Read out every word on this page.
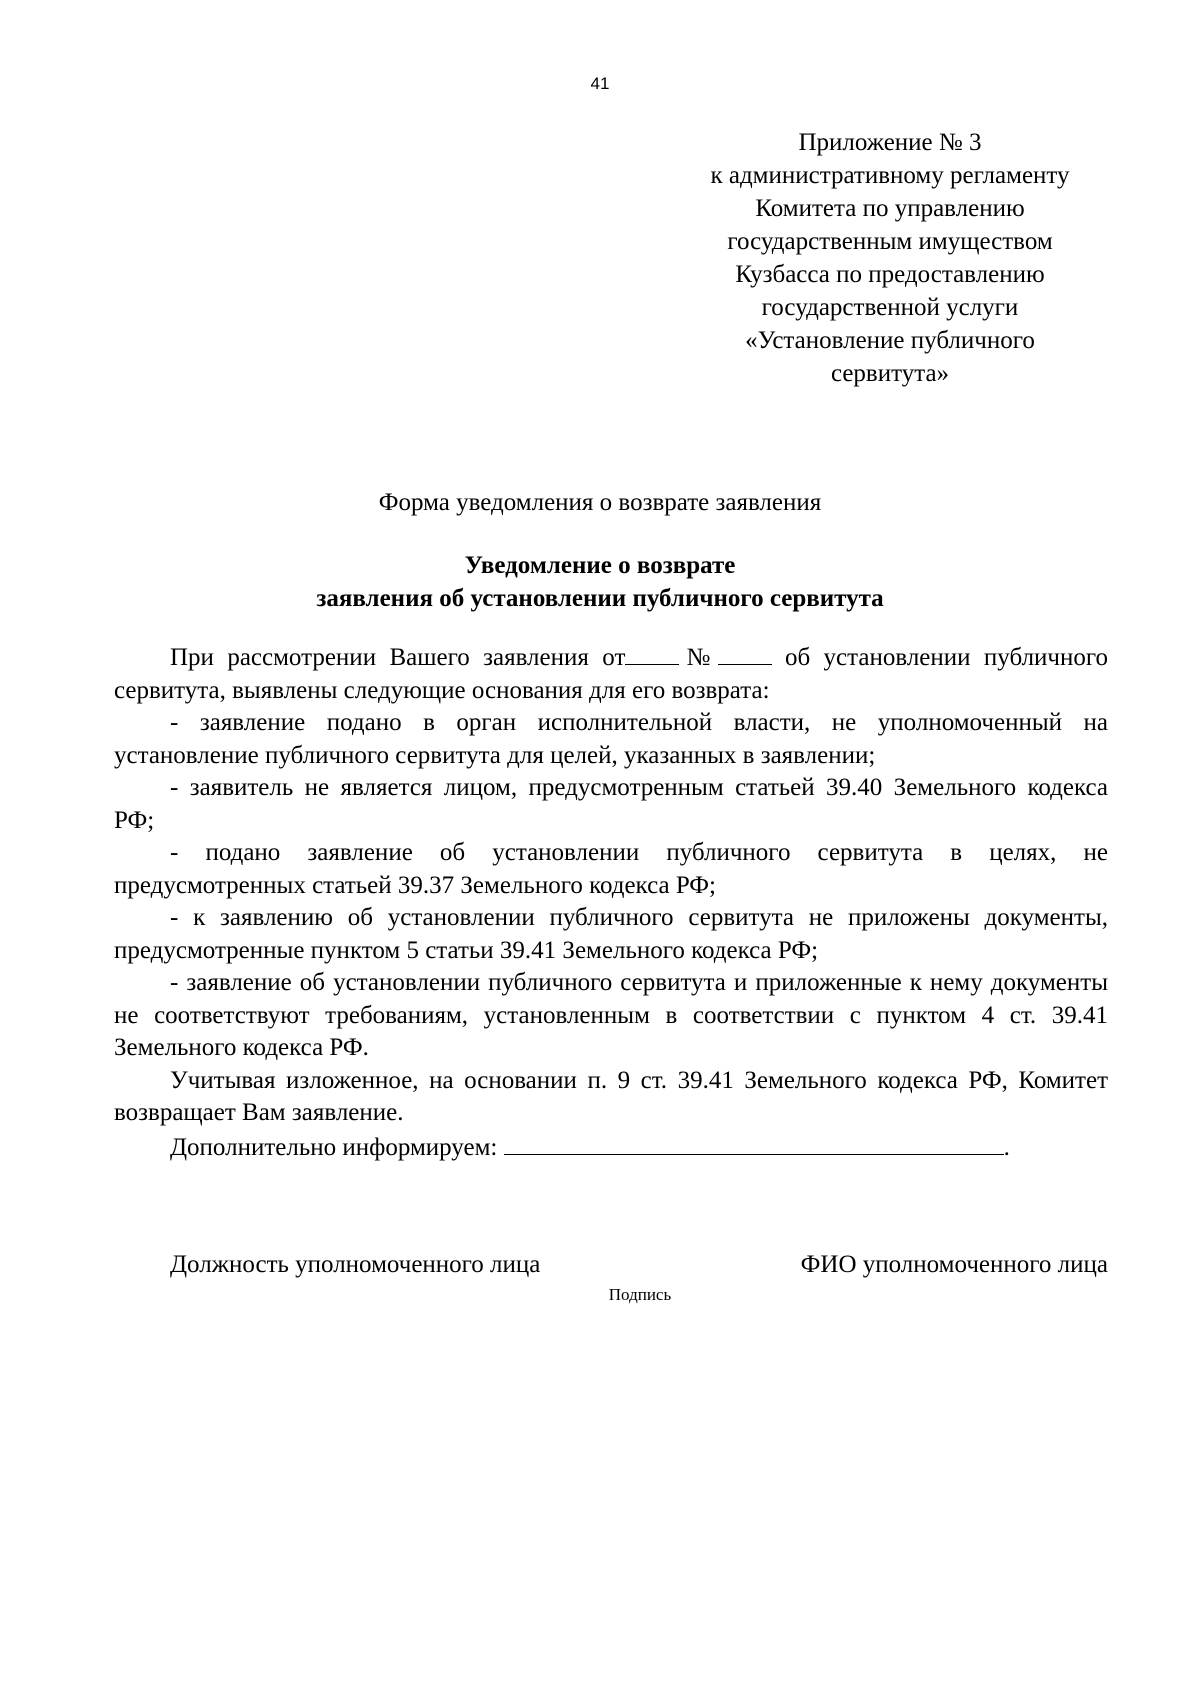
41
Приложение № 3
к административному регламенту
Комитета по управлению
государственным имуществом
Кузбасса по предоставлению
государственной услуги
«Установление публичного
сервитута»
Форма уведомления о возврате заявления
Уведомление о возврате
заявления об установлении публичного сервитута

При рассмотрении Вашего заявления от №	об установлении публичного сервитута, выявлены следующие основания для его возврата:

- заявление подано в орган исполнительной власти, не уполномоченный на установление публичного сервитута для целей, указанных в заявлении;

- заявитель не является лицом, предусмотренным статьей 39.40 Земельного кодекса РФ;

- подано заявление об установлении публичного сервитута в целях, не предусмотренных статьей 39.37 Земельного кодекса РФ;

- к заявлению об установлении публичного сервитута не приложены документы, предусмотренные пунктом 5 статьи 39.41 Земельного кодекса РФ;

- заявление об установлении публичного сервитута и приложенные к нему документы не соответствуют требованиям, установленным в соответствии с пунктом 4 ст. 39.41 Земельного кодекса РФ.

Учитывая изложенное, на основании п. 9 ст. 39.41 Земельного кодекса РФ, Комитет возвращает Вам заявление.

Дополнительно информируем:	.

Должность уполномоченного лица	ФИО уполномоченного лица
Подпись
